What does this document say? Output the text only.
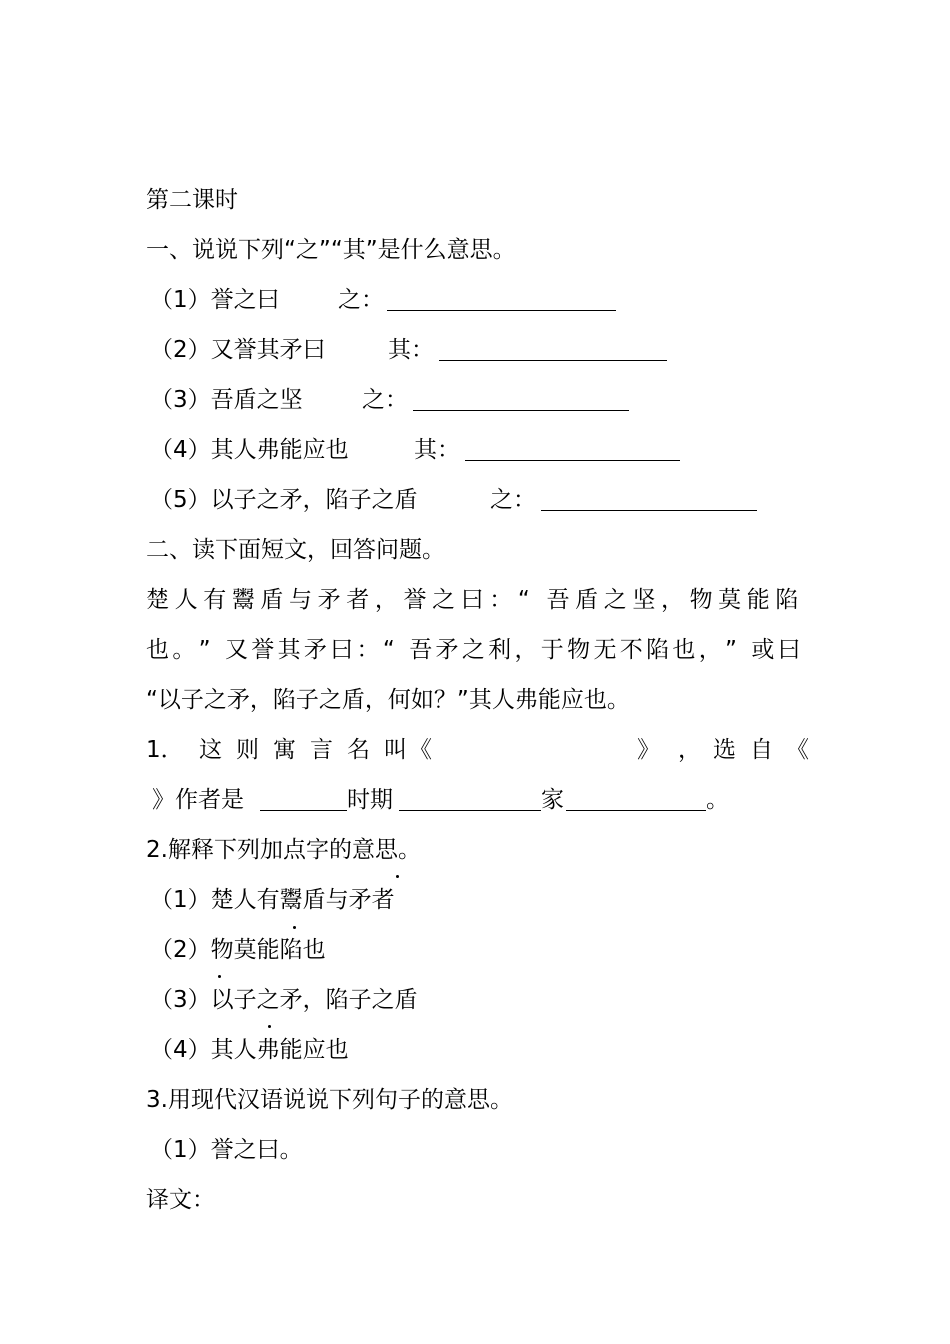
第二课时
一、说说下列“之”“其”是什么意思。
（1）誉之曰	之：
（2）又誉其矛曰	其：
（3）吾盾之坚	之：
（4）其人弗能应也	其：
（5）以子之矛，陷子之盾	之：
二、读下面短文，回答问题。
楚 人 有 鬻 盾 与 矛 者 ， 誉 之 曰 ： “ 吾 盾 之 坚 ， 物 莫 能 陷
也 。 ” 又 誉 其 矛 曰 ： “ 吾 矛 之 利 ， 于 物 无 不 陷 也 ， ” 或 曰
“以子之矛，陷子之盾，何如？”其人弗能应也。
1． 这 则 寓 言 名 叫 《	》 ， 选 自 《
》作者是	时期	家	。
2.解释下列加点字的意思。
（1）楚人有鬻盾与矛者
（2）物莫能陷也
（3）以子之矛，陷子之盾
（4）其人弗能应也
3.用现代汉语说说下列句子的意思。
（1）誉之曰。
译文：
